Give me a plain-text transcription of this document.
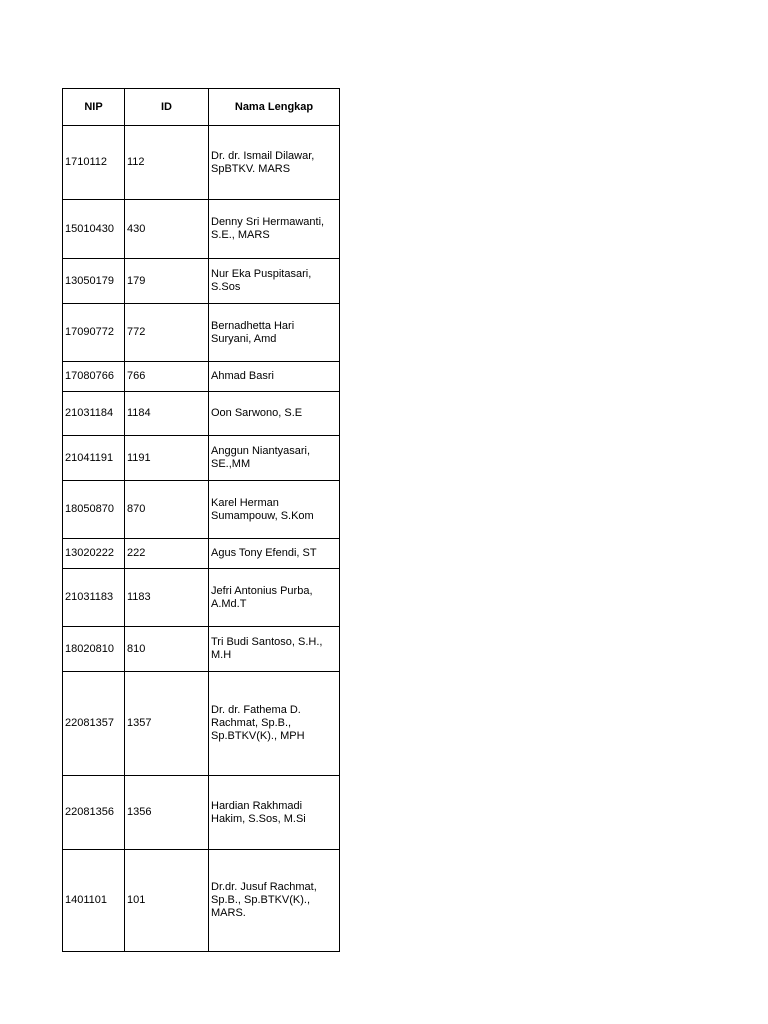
NIP	ID	Nama Lengkap
1710112	112	Dr. dr. Ismail Dilawar,
SpBTKV. MARS
15010430	430	Denny Sri Hermawanti,
S.E., MARS
13050179	179	Nur Eka Puspitasari,
S.Sos
17090772	772	Bernadhetta Hari
Suryani, Amd
17080766	766	Ahmad Basri
21031184	1184	Oon Sarwono, S.E
21041191	1191	Anggun Niantyasari,
SE.,MM
18050870	870	Karel Herman
Sumampouw, S.Kom
13020222	222	Agus Tony Efendi, ST
21031183	1183	Jefri Antonius Purba,
A.Md.T
18020810	810	Tri Budi Santoso, S.H.,
M.H
22081357	1357	Dr. dr. Fathema D.
Rachmat, Sp.B.,
Sp.BTKV(K)., MPH
22081356	1356	Hardian Rakhmadi
Hakim, S.Sos, M.Si
1401101	101	Dr.dr. Jusuf Rachmat,
Sp.B., Sp.BTKV(K).,
MARS.
